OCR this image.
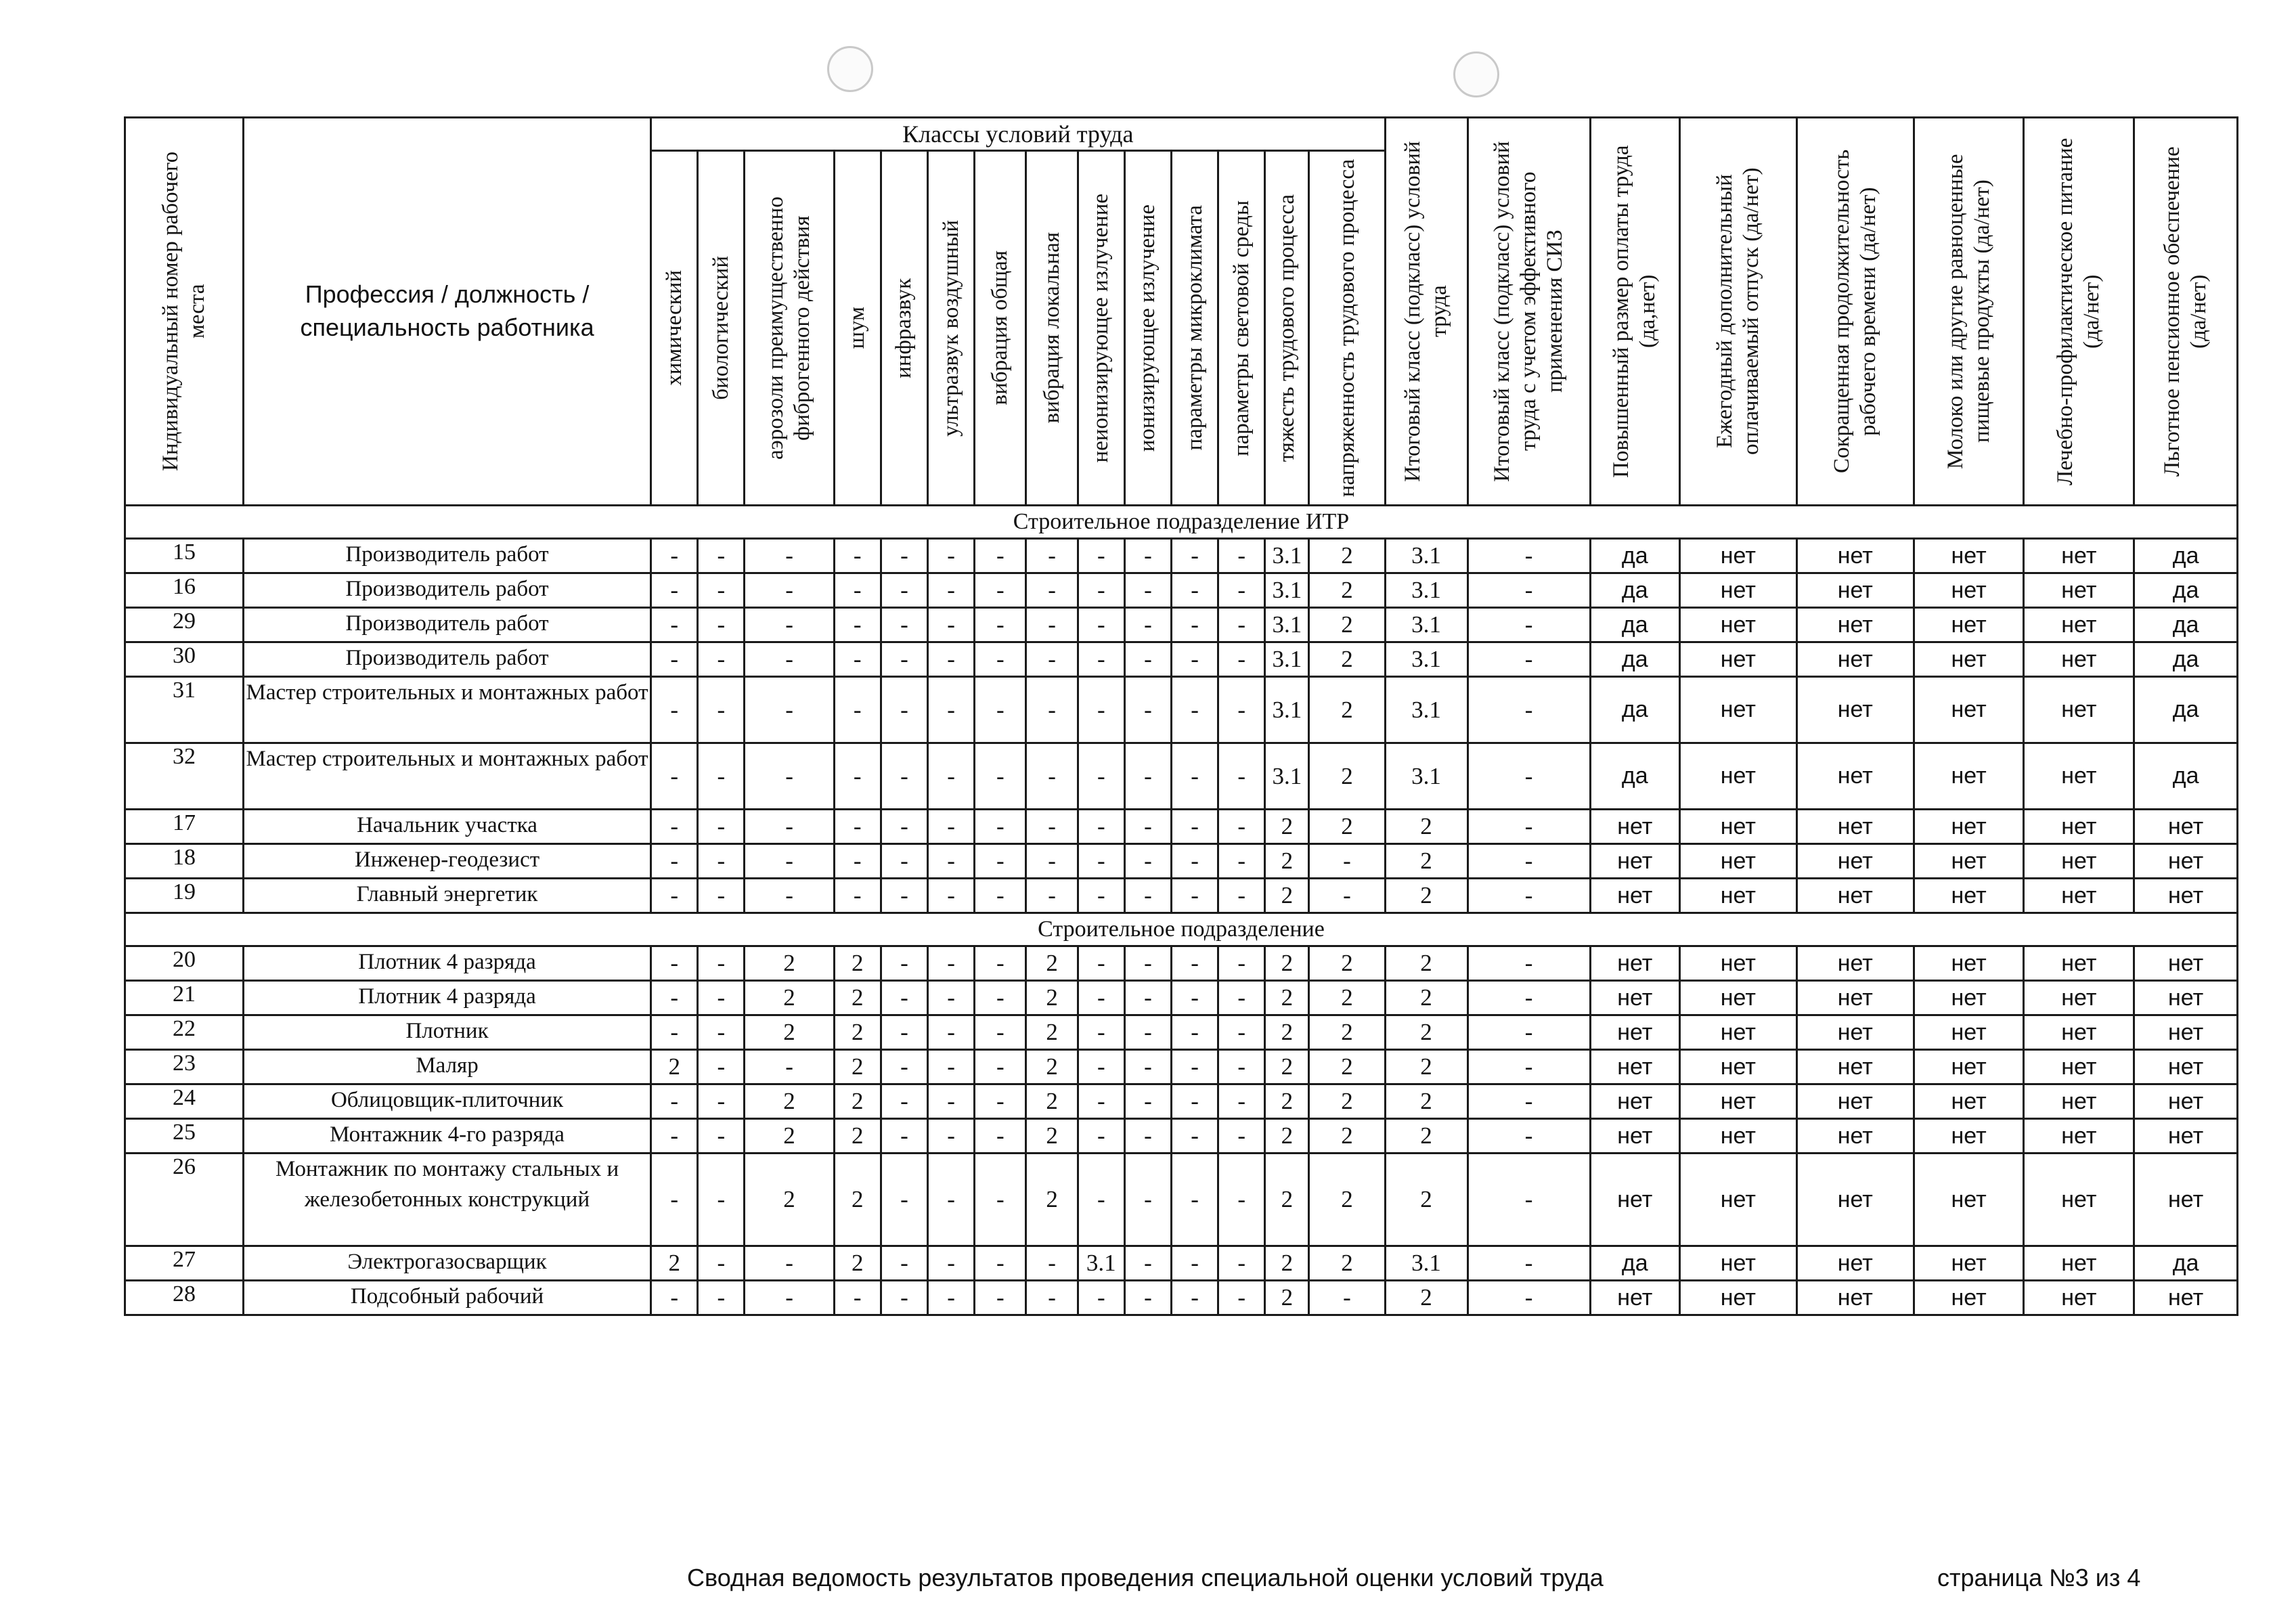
Индивидуальный номер рабочего места	Профессия / должность /
специальность работника	Классы условий труда														Итоговый класс (подкласс) условий труда	Итоговый класс (подкласс) условий труда с учетом эффективного применения СИЗ	Повышенный размер оплаты труда (да,нет)	Ежегодный дополнительный оплачиваемый отпуск (да/нет)	Сокращенная продолжительность рабочего времени (да/нет)	Молоко или другие равноценные пищевые продукты (да/нет)	Лечебно-профилактическое питание (да/нет)	Льготное пенсионное обеспечение (да/нет)

		химический	биологический	аэрозоли преимущественно фиброгенного действия	шум	инфразвук	ультразвук воздушный	вибрация общая	вибрация локальная	неионизирующее излучение	ионизирующее излучение	параметры микроклимата	параметры световой среды	тяжесть трудового процесса	напряженность трудового процесса								

Строительное подразделение ИТР																							
15	Производитель работ	-	-	-	-	-	-	-	-	-	-	-	-	3.1	2	3.1	-	да	нет	нет	нет	нет	да
16	Производитель работ	-	-	-	-	-	-	-	-	-	-	-	-	3.1	2	3.1	-	да	нет	нет	нет	нет	да
29	Производитель работ	-	-	-	-	-	-	-	-	-	-	-	-	3.1	2	3.1	-	да	нет	нет	нет	нет	да
30	Производитель работ	-	-	-	-	-	-	-	-	-	-	-	-	3.1	2	3.1	-	да	нет	нет	нет	нет	да
31	Мастер строительных и монтажных работ	-	-	-	-	-	-	-	-	-	-	-	-	3.1	2	3.1	-	да	нет	нет	нет	нет	да
32	Мастер строительных и монтажных работ	-	-	-	-	-	-	-	-	-	-	-	-	3.1	2	3.1	-	да	нет	нет	нет	нет	да
17	Начальник участка	-	-	-	-	-	-	-	-	-	-	-	-	2	2	2	-	нет	нет	нет	нет	нет	нет
18	Инженер-геодезист	-	-	-	-	-	-	-	-	-	-	-	-	2	-	2	-	нет	нет	нет	нет	нет	нет
19	Главный энергетик	-	-	-	-	-	-	-	-	-	-	-	-	2	-	2	-	нет	нет	нет	нет	нет	нет
Строительное подразделение																							
20	Плотник 4 разряда	-	-	2	2	-	-	-	2	-	-	-	-	2	2	2	-	нет	нет	нет	нет	нет	нет
21	Плотник 4 разряда	-	-	2	2	-	-	-	2	-	-	-	-	2	2	2	-	нет	нет	нет	нет	нет	нет
22	Плотник	-	-	2	2	-	-	-	2	-	-	-	-	2	2	2	-	нет	нет	нет	нет	нет	нет
23	Маляр	2	-	-	2	-	-	-	2	-	-	-	-	2	2	2	-	нет	нет	нет	нет	нет	нет
24	Облицовщик-плиточник	-	-	2	2	-	-	-	2	-	-	-	-	2	2	2	-	нет	нет	нет	нет	нет	нет
25	Монтажник 4-го разряда	-	-	2	2	-	-	-	2	-	-	-	-	2	2	2	-	нет	нет	нет	нет	нет	нет
26	Монтажник по монтажу стальных и железобетонных конструкций	-	-	2	2	-	-	-	2	-	-	-	-	2	2	2	-	нет	нет	нет	нет	нет	нет
27	Электрогазосварщик	2	-	-	2	-	-	-	-	3.1	-	-	-	2	2	3.1	-	да	нет	нет	нет	нет	да
28	Подсобный рабочий	-	-	-	-	-	-	-	-	-	-	-	-	2	-	2	-	нет	нет	нет	нет	нет	нет
Сводная ведомость результатов проведения специальной оценки условий труда	страница №3 из 4
